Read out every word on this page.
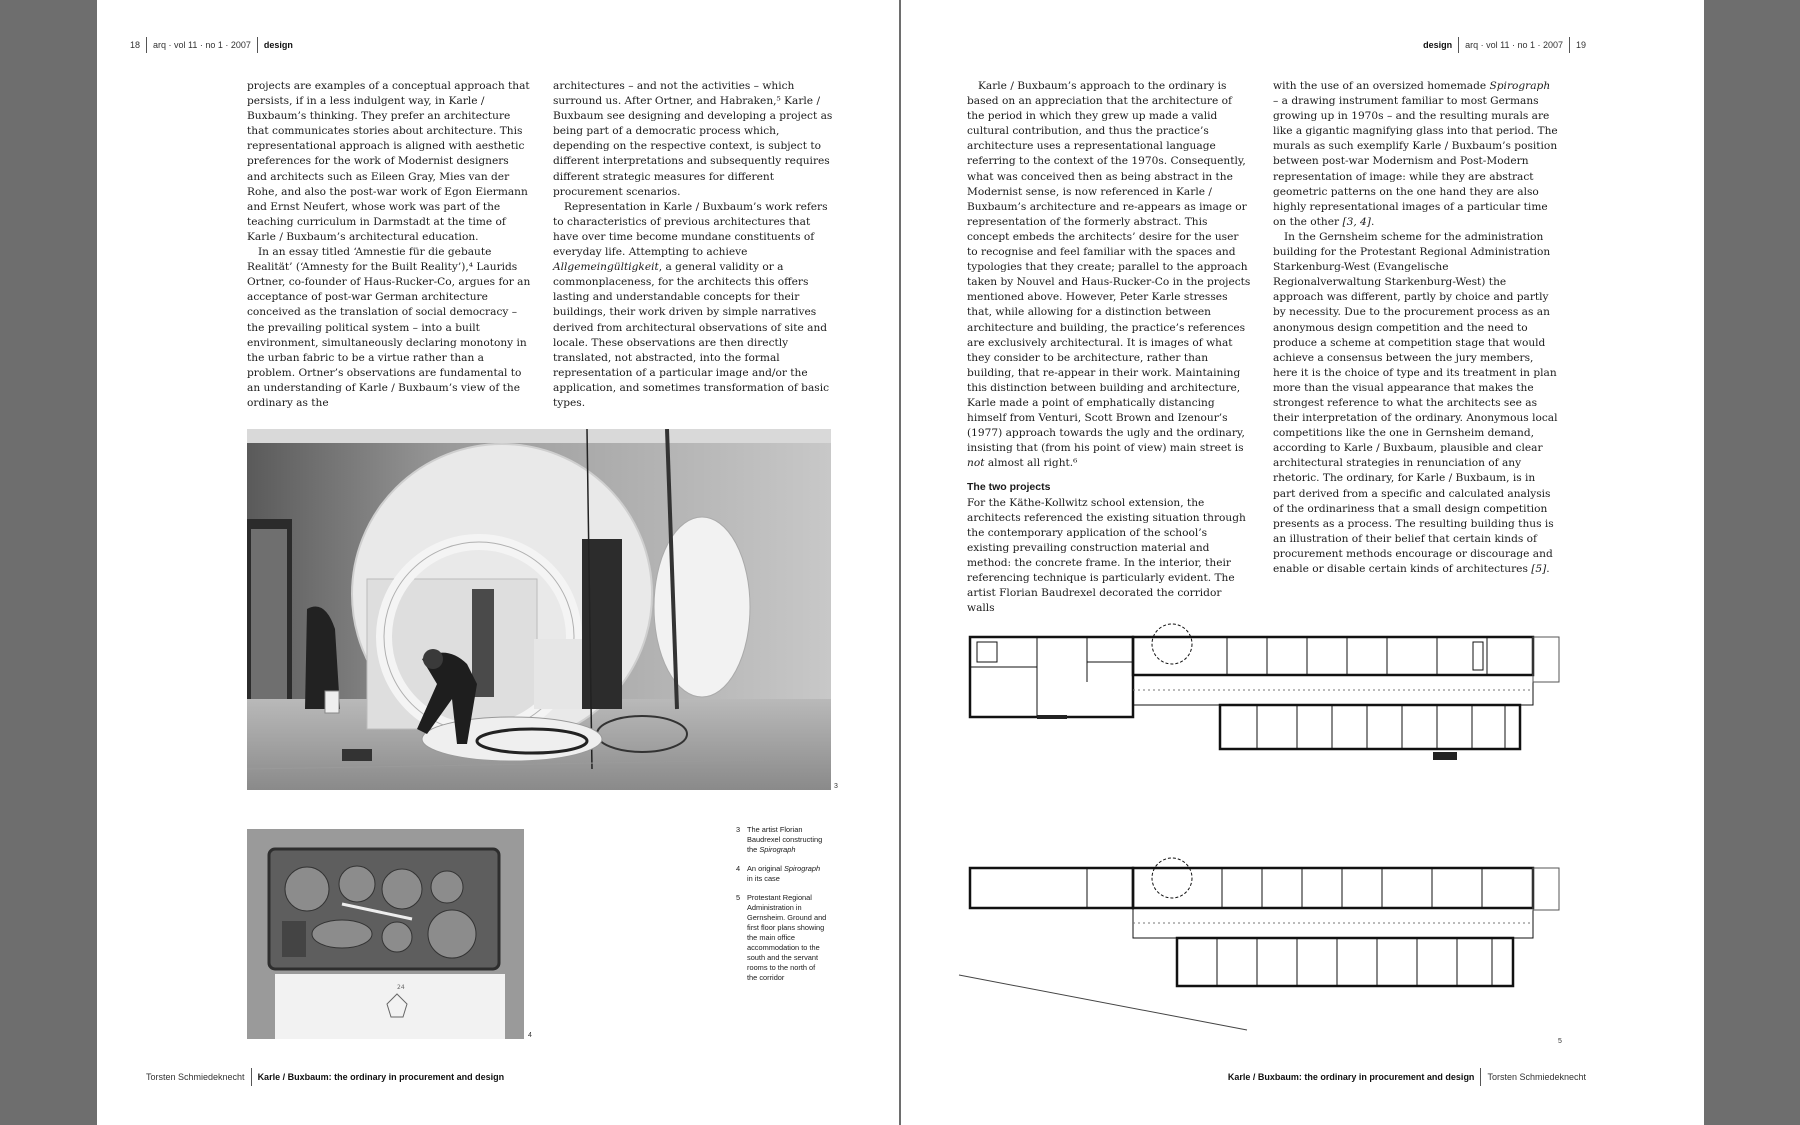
18 arq · vol 11 · no 1 · 2007 design

projects are examples of a conceptual approach that persists, if in a less indulgent way, in Karle / Buxbaum’s thinking. They prefer an architecture that communicates stories about architecture. This representational approach is aligned with aesthetic preferences for the work of Modernist designers and architects such as Eileen Gray, Mies van der Rohe, and also the post-war work of Egon Eiermann and Ernst Neufert, whose work was part of the teaching curriculum in Darmstadt at the time of Karle / Buxbaum’s architectural education.

In an essay titled ‘Amnestie für die gebaute Realität’ (‘Amnesty for the Built Reality’),⁴ Laurids Ortner, co-founder of Haus-Rucker-Co, argues for an acceptance of post-war German architecture conceived as the translation of social democracy – the prevailing political system – into a built environment, simultaneously declaring monotony in the urban fabric to be a virtue rather than a problem. Ortner’s observations are fundamental to an understanding of Karle / Buxbaum’s view of the ordinary as the

architectures – and not the activities – which surround us. After Ortner, and Habraken,⁵ Karle / Buxbaum see designing and developing a project as being part of a democratic process which, depending on the respective context, is subject to different interpretations and subsequently requires different strategic measures for different procurement scenarios.

Representation in Karle / Buxbaum’s work refers to characteristics of previous architectures that have over time become mundane constituents of everyday life. Attempting to achieve Allgemeingültigkeit, a general validity or a commonplaceness, for the architects this offers lasting and understandable concepts for their buildings, their work driven by simple narratives derived from architectural observations of site and locale. These observations are then directly translated, not abstracted, into the formal representation of a particular image and/or the application, and sometimes transformation of basic types.

3
24
4
3 The artist Florian Baudrexel constructing the Spirograph
4 An original Spirograph in its case
5 Protestant Regional Administration in Gernsheim. Ground and first floor plans showing the main office accommodation to the south and the servant rooms to the north of the corridor
Torsten Schmiedeknecht Karle / Buxbaum: the ordinary in procurement and design
design arq · vol 11 · no 1 · 2007 19

Karle / Buxbaum’s approach to the ordinary is based on an appreciation that the architecture of the period in which they grew up made a valid cultural contribution, and thus the practice’s architecture uses a representational language referring to the context of the 1970s. Consequently, what was conceived then as being abstract in the Modernist sense, is now referenced in Karle / Buxbaum’s architecture and re-appears as image or representation of the formerly abstract. This concept embeds the architects’ desire for the user to recognise and feel familiar with the spaces and typologies that they create; parallel to the approach taken by Nouvel and Haus-Rucker-Co in the projects mentioned above. However, Peter Karle stresses that, while allowing for a distinction between architecture and building, the practice’s references are exclusively architectural. It is images of what they consider to be architecture, rather than building, that re-appear in their work. Maintaining this distinction between building and architecture, Karle made a point of emphatically distancing himself from Venturi, Scott Brown and Izenour’s (1977) approach towards the ugly and the ordinary, insisting that (from his point of view) main street is not almost all right.⁶

The two projects

For the Käthe-Kollwitz school extension, the architects referenced the existing situation through the contemporary application of the school’s existing prevailing construction material and method: the concrete frame. In the interior, their referencing technique is particularly evident. The artist Florian Baudrexel decorated the corridor walls

with the use of an oversized homemade Spirograph – a drawing instrument familiar to most Germans growing up in 1970s – and the resulting murals are like a gigantic magnifying glass into that period. The murals as such exemplify Karle / Buxbaum’s position between post-war Modernism and Post-Modern representation of image: while they are abstract geometric patterns on the one hand they are also highly representational images of a particular time on the other [3, 4].

In the Gernsheim scheme for the administration building for the Protestant Regional Administration Starkenburg-West (Evangelische Regionalverwaltung Starkenburg-West) the approach was different, partly by choice and partly by necessity. Due to the procurement process as an anonymous design competition and the need to produce a scheme at competition stage that would achieve a consensus between the jury members, here it is the choice of type and its treatment in plan more than the visual appearance that makes the strongest reference to what the architects see as their interpretation of the ordinary. Anonymous local competitions like the one in Gernsheim demand, according to Karle / Buxbaum, plausible and clear architectural strategies in renunciation of any rhetoric. The ordinary, for Karle / Buxbaum, is in part derived from a specific and calculated analysis of the ordinariness that a small design competition presents as a process. The resulting building thus is an illustration of their belief that certain kinds of procurement methods encourage or discourage and enable or disable certain kinds of architectures [5].

5
Karle / Buxbaum: the ordinary in procurement and design Torsten Schmiedeknecht
